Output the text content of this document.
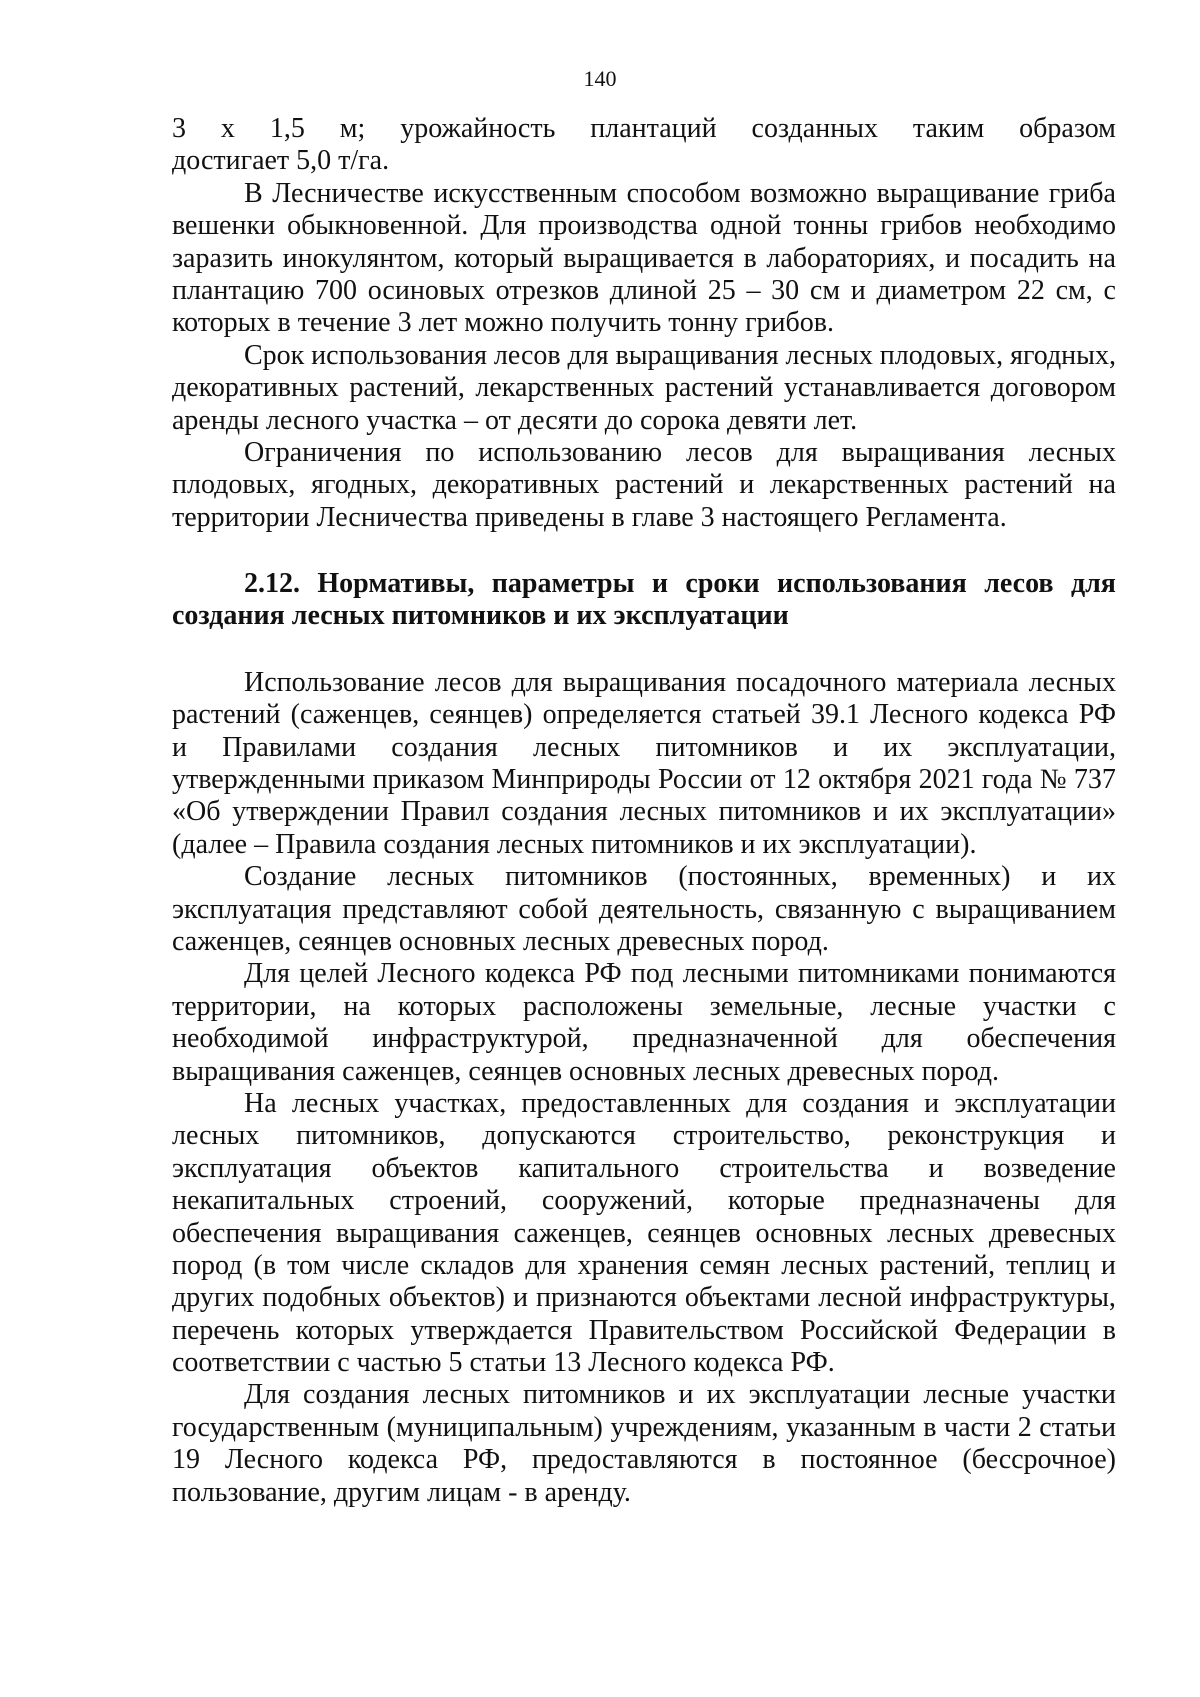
140
3 х 1,5 м; урожайность плантаций созданных таким образом
достигает 5,0 т/га.
В Лесничестве искусственным способом возможно выращивание гриба
вешенки обыкновенной. Для производства одной тонны грибов необходимо
заразить инокулянтом, который выращивается в лабораториях, и посадить на
плантацию 700 осиновых отрезков длиной 25 – 30 см и диаметром 22 см, с
которых в течение 3 лет можно получить тонну грибов.
Срок использования лесов для выращивания лесных плодовых, ягодных,
декоративных растений, лекарственных растений устанавливается договором
аренды лесного участка – от десяти до сорока девяти лет.
Ограничения по использованию лесов для выращивания лесных
плодовых, ягодных, декоративных растений и лекарственных растений на
территории Лесничества приведены в главе 3 настоящего Регламента.
2.12. Нормативы, параметры и сроки использования лесов для
создания лесных питомников и их эксплуатации
Использование лесов для выращивания посадочного материала лесных
растений (саженцев, сеянцев) определяется статьей 39.1 Лесного кодекса РФ
и Правилами создания лесных питомников и их эксплуатации,
утвержденными приказом Минприроды России от 12 октября 2021 года № 737
«Об утверждении Правил создания лесных питомников и их эксплуатации»
(далее – Правила создания лесных питомников и их эксплуатации).
Создание лесных питомников (постоянных, временных) и их
эксплуатация представляют собой деятельность, связанную с выращиванием
саженцев, сеянцев основных лесных древесных пород.
Для целей Лесного кодекса РФ под лесными питомниками понимаются
территории, на которых расположены земельные, лесные участки с
необходимой инфраструктурой, предназначенной для обеспечения
выращивания саженцев, сеянцев основных лесных древесных пород.
На лесных участках, предоставленных для создания и эксплуатации
лесных питомников, допускаются строительство, реконструкция и
эксплуатация объектов капитального строительства и возведение
некапитальных строений, сооружений, которые предназначены для
обеспечения выращивания саженцев, сеянцев основных лесных древесных
пород (в том числе складов для хранения семян лесных растений, теплиц и
других подобных объектов) и признаются объектами лесной инфраструктуры,
перечень которых утверждается Правительством Российской Федерации в
соответствии с частью 5 статьи 13 Лесного кодекса РФ.
Для создания лесных питомников и их эксплуатации лесные участки
государственным (муниципальным) учреждениям, указанным в части 2 статьи
19 Лесного кодекса РФ, предоставляются в постоянное (бессрочное)
пользование, другим лицам - в аренду.
